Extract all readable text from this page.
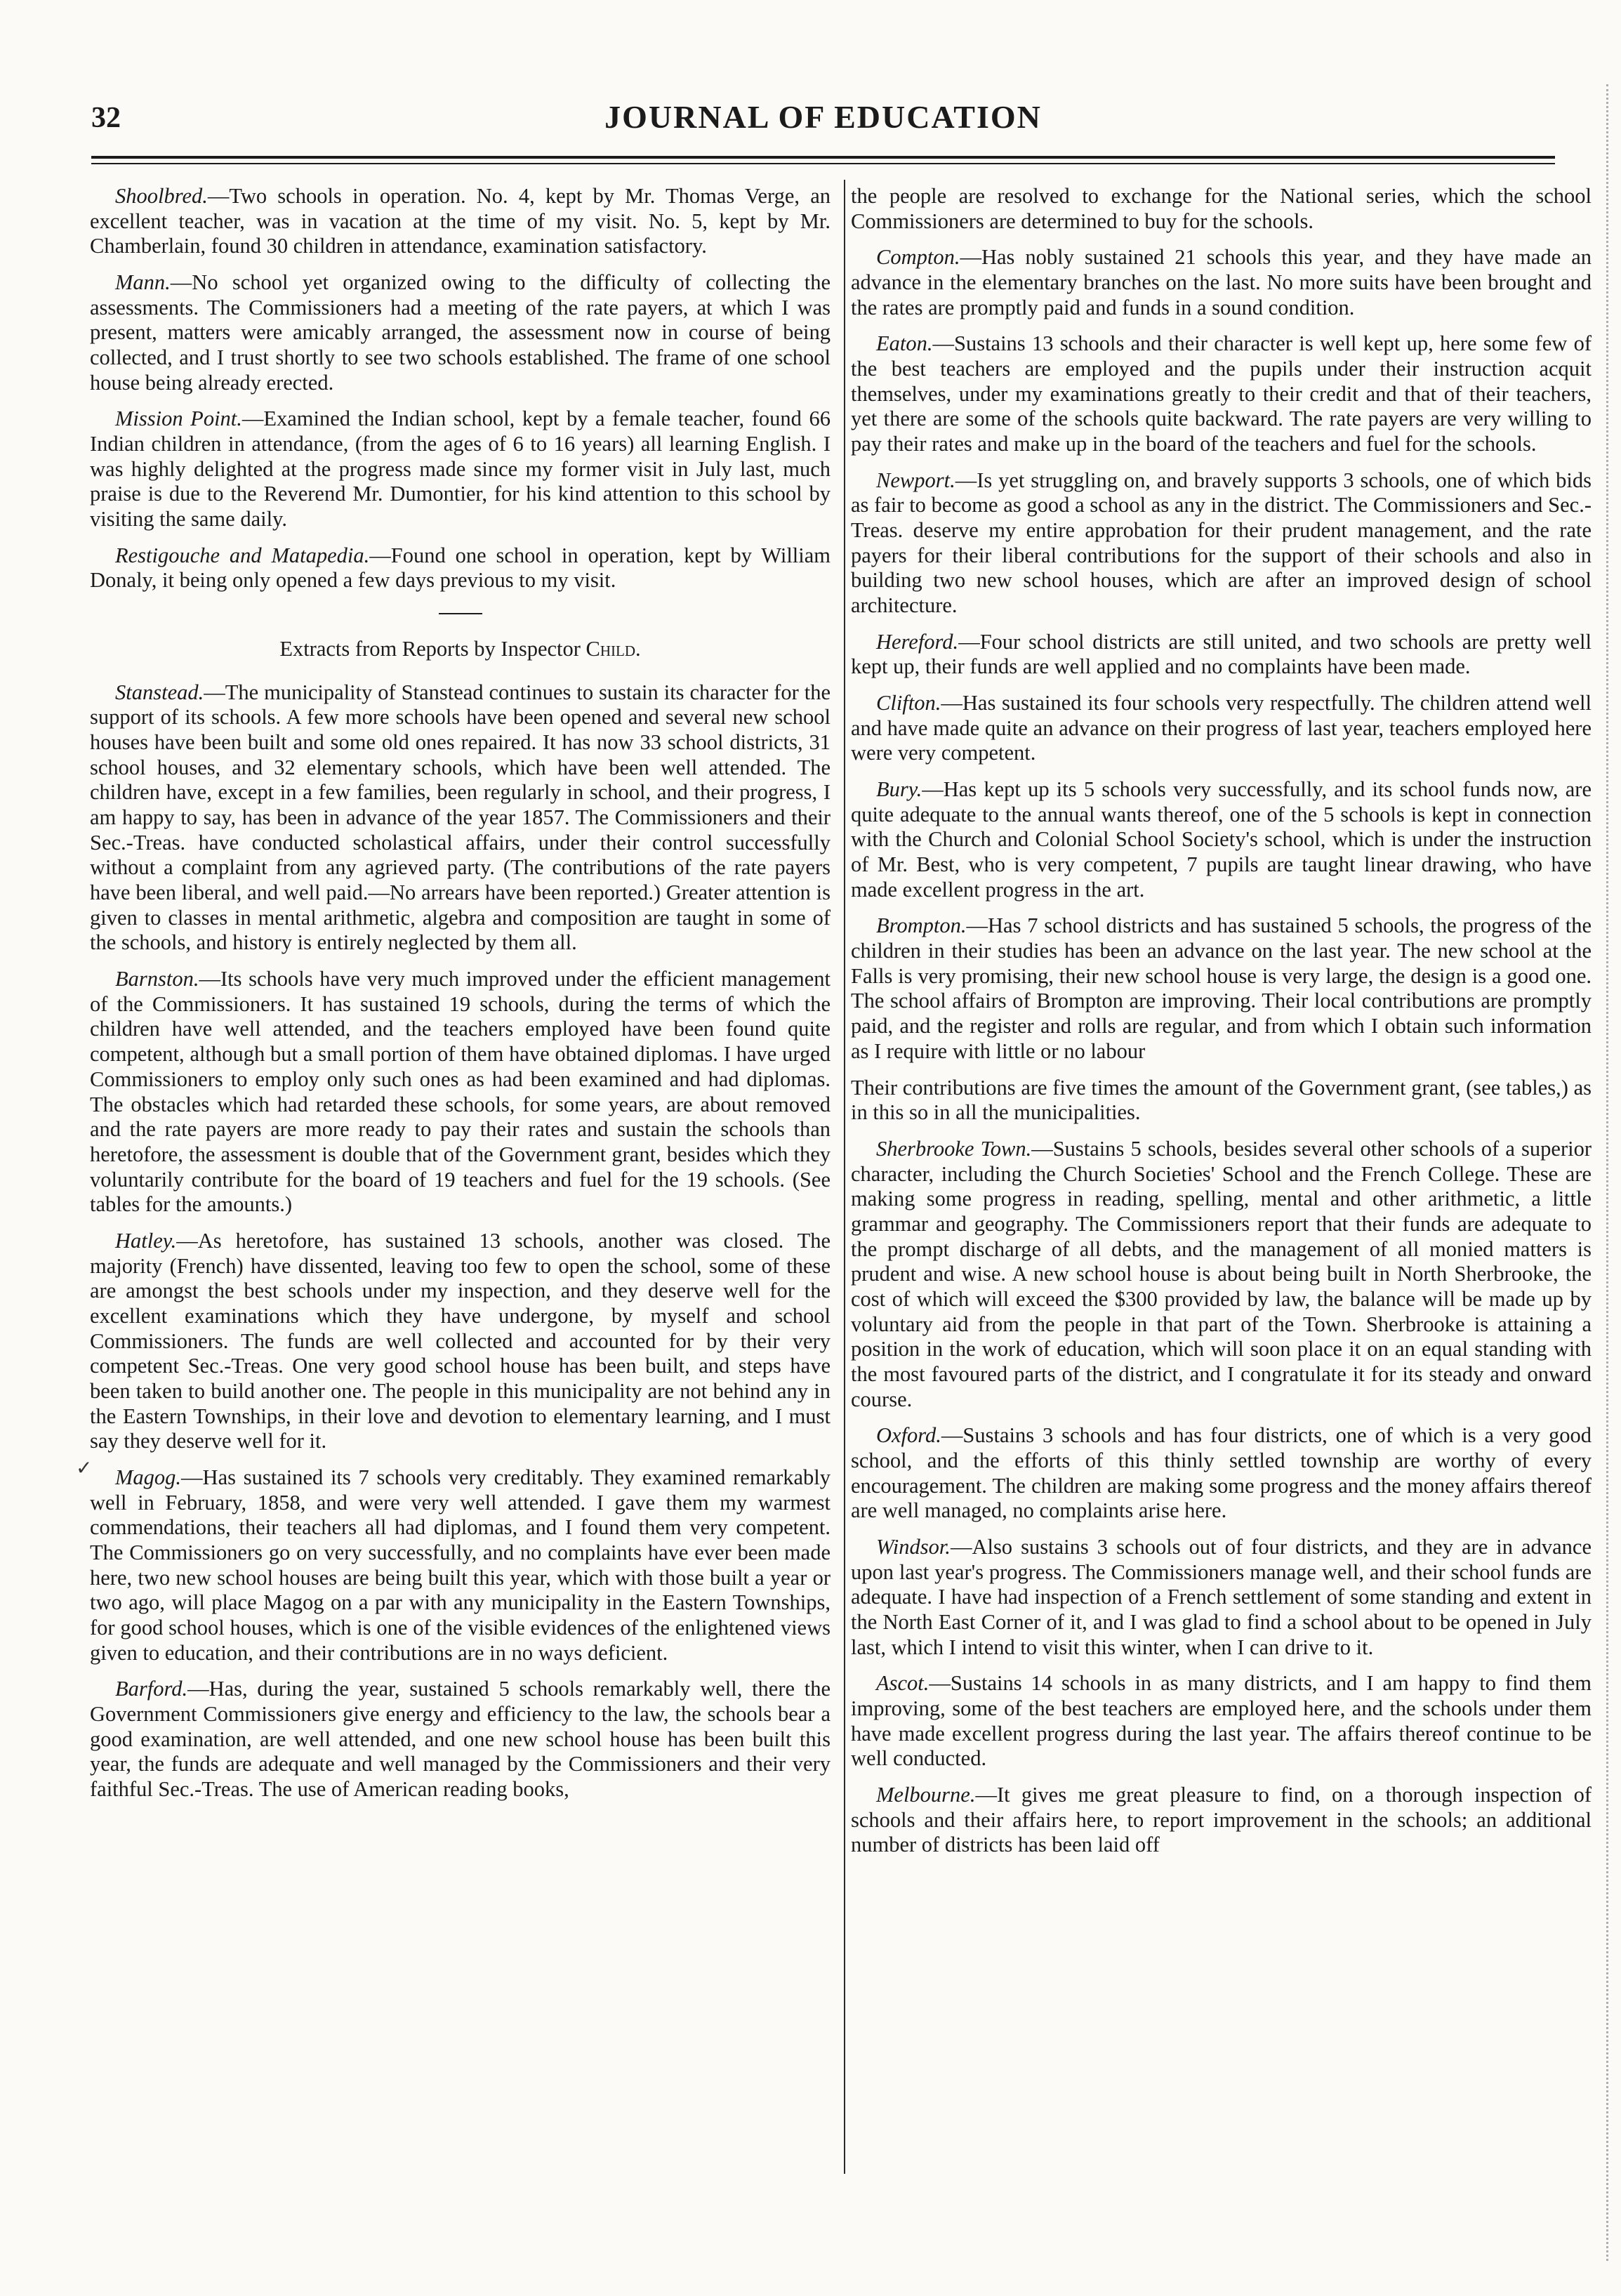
32	JOURNAL OF EDUCATION
✓

Shoolbred.—Two schools in operation. No. 4, kept by Mr. Thomas Verge, an excellent teacher, was in vacation at the time of my visit. No. 5, kept by Mr. Chamberlain, found 30 children in attendance, examination satisfactory.

Mann.—No school yet organized owing to the difficulty of collecting the assessments. The Commissioners had a meeting of the rate payers, at which I was present, matters were amicably arranged, the assessment now in course of being collected, and I trust shortly to see two schools established. The frame of one school house being already erected.

Mission Point.—Examined the Indian school, kept by a female teacher, found 66 Indian children in attendance, (from the ages of 6 to 16 years) all learning English. I was highly delighted at the progress made since my former visit in July last, much praise is due to the Reverend Mr. Dumontier, for his kind attention to this school by visiting the same daily.

Restigouche and Matapedia.—Found one school in operation, kept by William Donaly, it being only opened a few days previous to my visit.

Extracts from Reports by Inspector Child.

Stanstead.—The municipality of Stanstead continues to sustain its character for the support of its schools. A few more schools have been opened and several new school houses have been built and some old ones repaired. It has now 33 school districts, 31 school houses, and 32 elementary schools, which have been well attended. The children have, except in a few families, been regularly in school, and their progress, I am happy to say, has been in advance of the year 1857. The Commissioners and their Sec.-Treas. have conducted scholastical affairs, under their control successfully without a complaint from any agrieved party. (The contributions of the rate payers have been liberal, and well paid.—No arrears have been reported.) Greater attention is given to classes in mental arithmetic, algebra and composition are taught in some of the schools, and history is entirely neglected by them all.

Barnston.—Its schools have very much improved under the efficient management of the Commissioners. It has sustained 19 schools, during the terms of which the children have well attended, and the teachers employed have been found quite competent, although but a small portion of them have obtained diplomas. I have urged Commissioners to employ only such ones as had been examined and had diplomas. The obstacles which had retarded these schools, for some years, are about removed and the rate payers are more ready to pay their rates and sustain the schools than heretofore, the assessment is double that of the Government grant, besides which they voluntarily contribute for the board of 19 teachers and fuel for the 19 schools. (See tables for the amounts.)

Hatley.—As heretofore, has sustained 13 schools, another was closed. The majority (French) have dissented, leaving too few to open the school, some of these are amongst the best schools under my inspection, and they deserve well for the excellent examinations which they have undergone, by myself and school Commissioners. The funds are well collected and accounted for by their very competent Sec.-Treas. One very good school house has been built, and steps have been taken to build another one. The people in this municipality are not behind any in the Eastern Townships, in their love and devotion to elementary learning, and I must say they deserve well for it.

Magog.—Has sustained its 7 schools very creditably. They examined remarkably well in February, 1858, and were very well attended. I gave them my warmest commendations, their teachers all had diplomas, and I found them very competent. The Commissioners go on very successfully, and no complaints have ever been made here, two new school houses are being built this year, which with those built a year or two ago, will place Magog on a par with any municipality in the Eastern Townships, for good school houses, which is one of the visible evidences of the enlightened views given to education, and their contributions are in no ways deficient.

Barford.—Has, during the year, sustained 5 schools remarkably well, there the Government Commissioners give energy and efficiency to the law, the schools bear a good examination, are well attended, and one new school house has been built this year, the funds are adequate and well managed by the Commissioners and their very faithful Sec.-Treas. The use of American reading books,

the people are resolved to exchange for the National series, which the school Commissioners are determined to buy for the schools.

Compton.—Has nobly sustained 21 schools this year, and they have made an advance in the elementary branches on the last. No more suits have been brought and the rates are promptly paid and funds in a sound condition.

Eaton.—Sustains 13 schools and their character is well kept up, here some few of the best teachers are employed and the pupils under their instruction acquit themselves, under my examinations greatly to their credit and that of their teachers, yet there are some of the schools quite backward. The rate payers are very willing to pay their rates and make up in the board of the teachers and fuel for the schools.

Newport.—Is yet struggling on, and bravely supports 3 schools, one of which bids as fair to become as good a school as any in the district. The Commissioners and Sec.-Treas. deserve my entire approbation for their prudent management, and the rate payers for their liberal contributions for the support of their schools and also in building two new school houses, which are after an improved design of school architecture.

Hereford.—Four school districts are still united, and two schools are pretty well kept up, their funds are well applied and no complaints have been made.

Clifton.—Has sustained its four schools very respectfully. The children attend well and have made quite an advance on their progress of last year, teachers employed here were very competent.

Bury.—Has kept up its 5 schools very successfully, and its school funds now, are quite adequate to the annual wants thereof, one of the 5 schools is kept in connection with the Church and Colonial School Society's school, which is under the instruction of Mr. Best, who is very competent, 7 pupils are taught linear drawing, who have made excellent progress in the art.

Brompton.—Has 7 school districts and has sustained 5 schools, the progress of the children in their studies has been an advance on the last year. The new school at the Falls is very promising, their new school house is very large, the design is a good one. The school affairs of Brompton are improving. Their local contributions are promptly paid, and the register and rolls are regular, and from which I obtain such information as I require with little or no labour

Their contributions are five times the amount of the Government grant, (see tables,) as in this so in all the municipalities.

Sherbrooke Town.—Sustains 5 schools, besides several other schools of a superior character, including the Church Societies' School and the French College. These are making some progress in reading, spelling, mental and other arithmetic, a little grammar and geography. The Commissioners report that their funds are adequate to the prompt discharge of all debts, and the management of all monied matters is prudent and wise. A new school house is about being built in North Sherbrooke, the cost of which will exceed the $300 provided by law, the balance will be made up by voluntary aid from the people in that part of the Town. Sherbrooke is attaining a position in the work of education, which will soon place it on an equal standing with the most favoured parts of the district, and I congratulate it for its steady and onward course.

Oxford.—Sustains 3 schools and has four districts, one of which is a very good school, and the efforts of this thinly settled township are worthy of every encouragement. The children are making some progress and the money affairs thereof are well managed, no complaints arise here.

Windsor.—Also sustains 3 schools out of four districts, and they are in advance upon last year's progress. The Commissioners manage well, and their school funds are adequate. I have had inspection of a French settlement of some standing and extent in the North East Corner of it, and I was glad to find a school about to be opened in July last, which I intend to visit this winter, when I can drive to it.

Ascot.—Sustains 14 schools in as many districts, and I am happy to find them improving, some of the best teachers are employed here, and the schools under them have made excellent progress during the last year. The affairs thereof continue to be well conducted.

Melbourne.—It gives me great pleasure to find, on a thorough inspection of schools and their affairs here, to report improvement in the schools; an additional number of districts has been laid off
